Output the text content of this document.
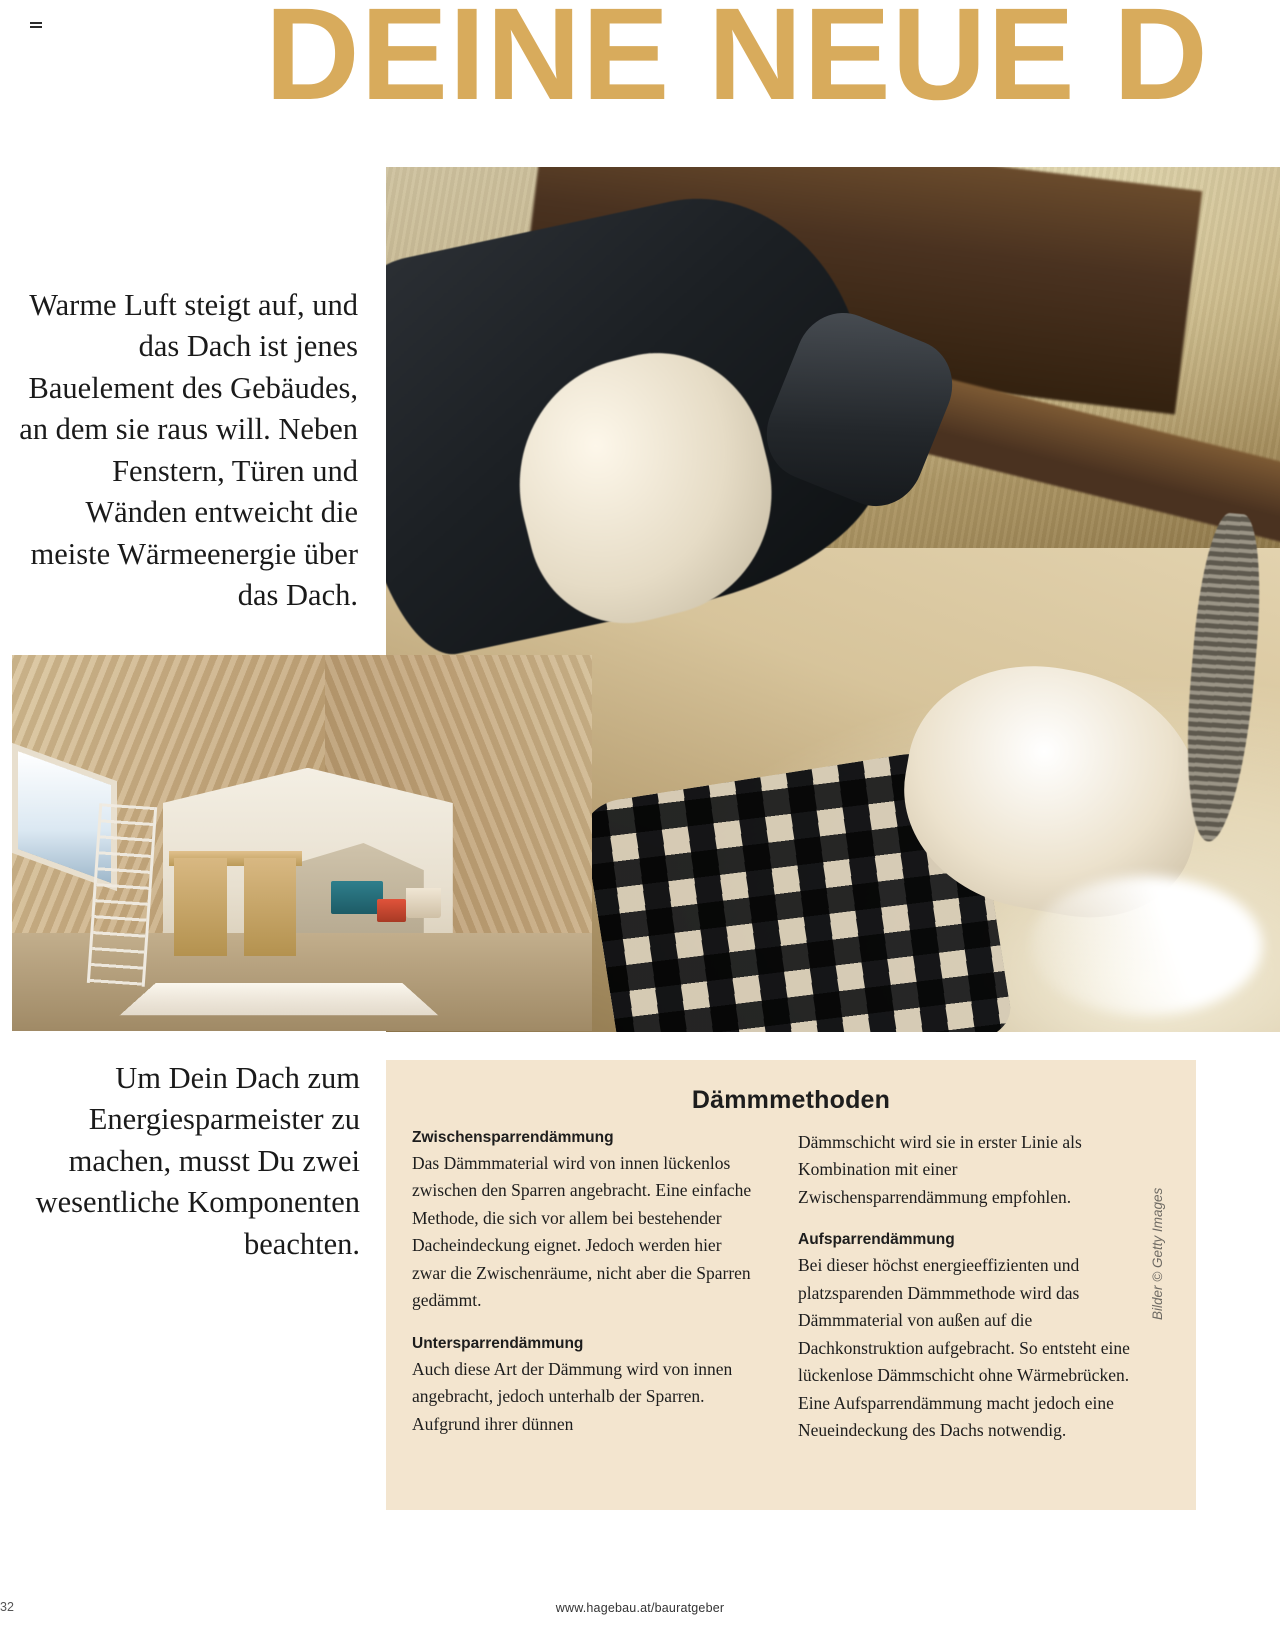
DEINE NEUE D
Warme Luft steigt auf, und das Dach ist jenes Bauelement des Gebäudes, an dem sie raus will. Neben Fenstern, Türen und Wänden entweicht die meiste Wärmeenergie über das Dach.
Um Dein Dach zum Energiesparmeister zu machen, musst Du zwei wesentliche Komponenten beachten.
Dämmmethoden
Zwischensparrendämmung

Das Dämmmaterial wird von innen lückenlos zwischen den Sparren angebracht. Eine einfache Methode, die sich vor allem bei bestehender Dacheindeckung eignet. Jedoch werden hier zwar die Zwischenräume, nicht aber die Sparren gedämmt.

Untersparrendämmung

Auch diese Art der Dämmung wird von innen angebracht, jedoch unterhalb der Sparren. Aufgrund ihrer dünnen

Dämmschicht wird sie in erster Linie als Kombination mit einer Zwischensparrendämmung empfohlen.

Aufsparrendämmung

Bei dieser höchst energieeffizienten und platzsparenden Dämmmethode wird das Dämmmaterial von außen auf die Dachkonstruktion aufgebracht. So entsteht eine lückenlose Dämmschicht ohne Wärmebrücken. Eine Aufsparrendämmung macht jedoch eine Neueindeckung des Dachs notwendig.

Bilder © Getty Images
32	www.hagebau.at/bauratgeber
